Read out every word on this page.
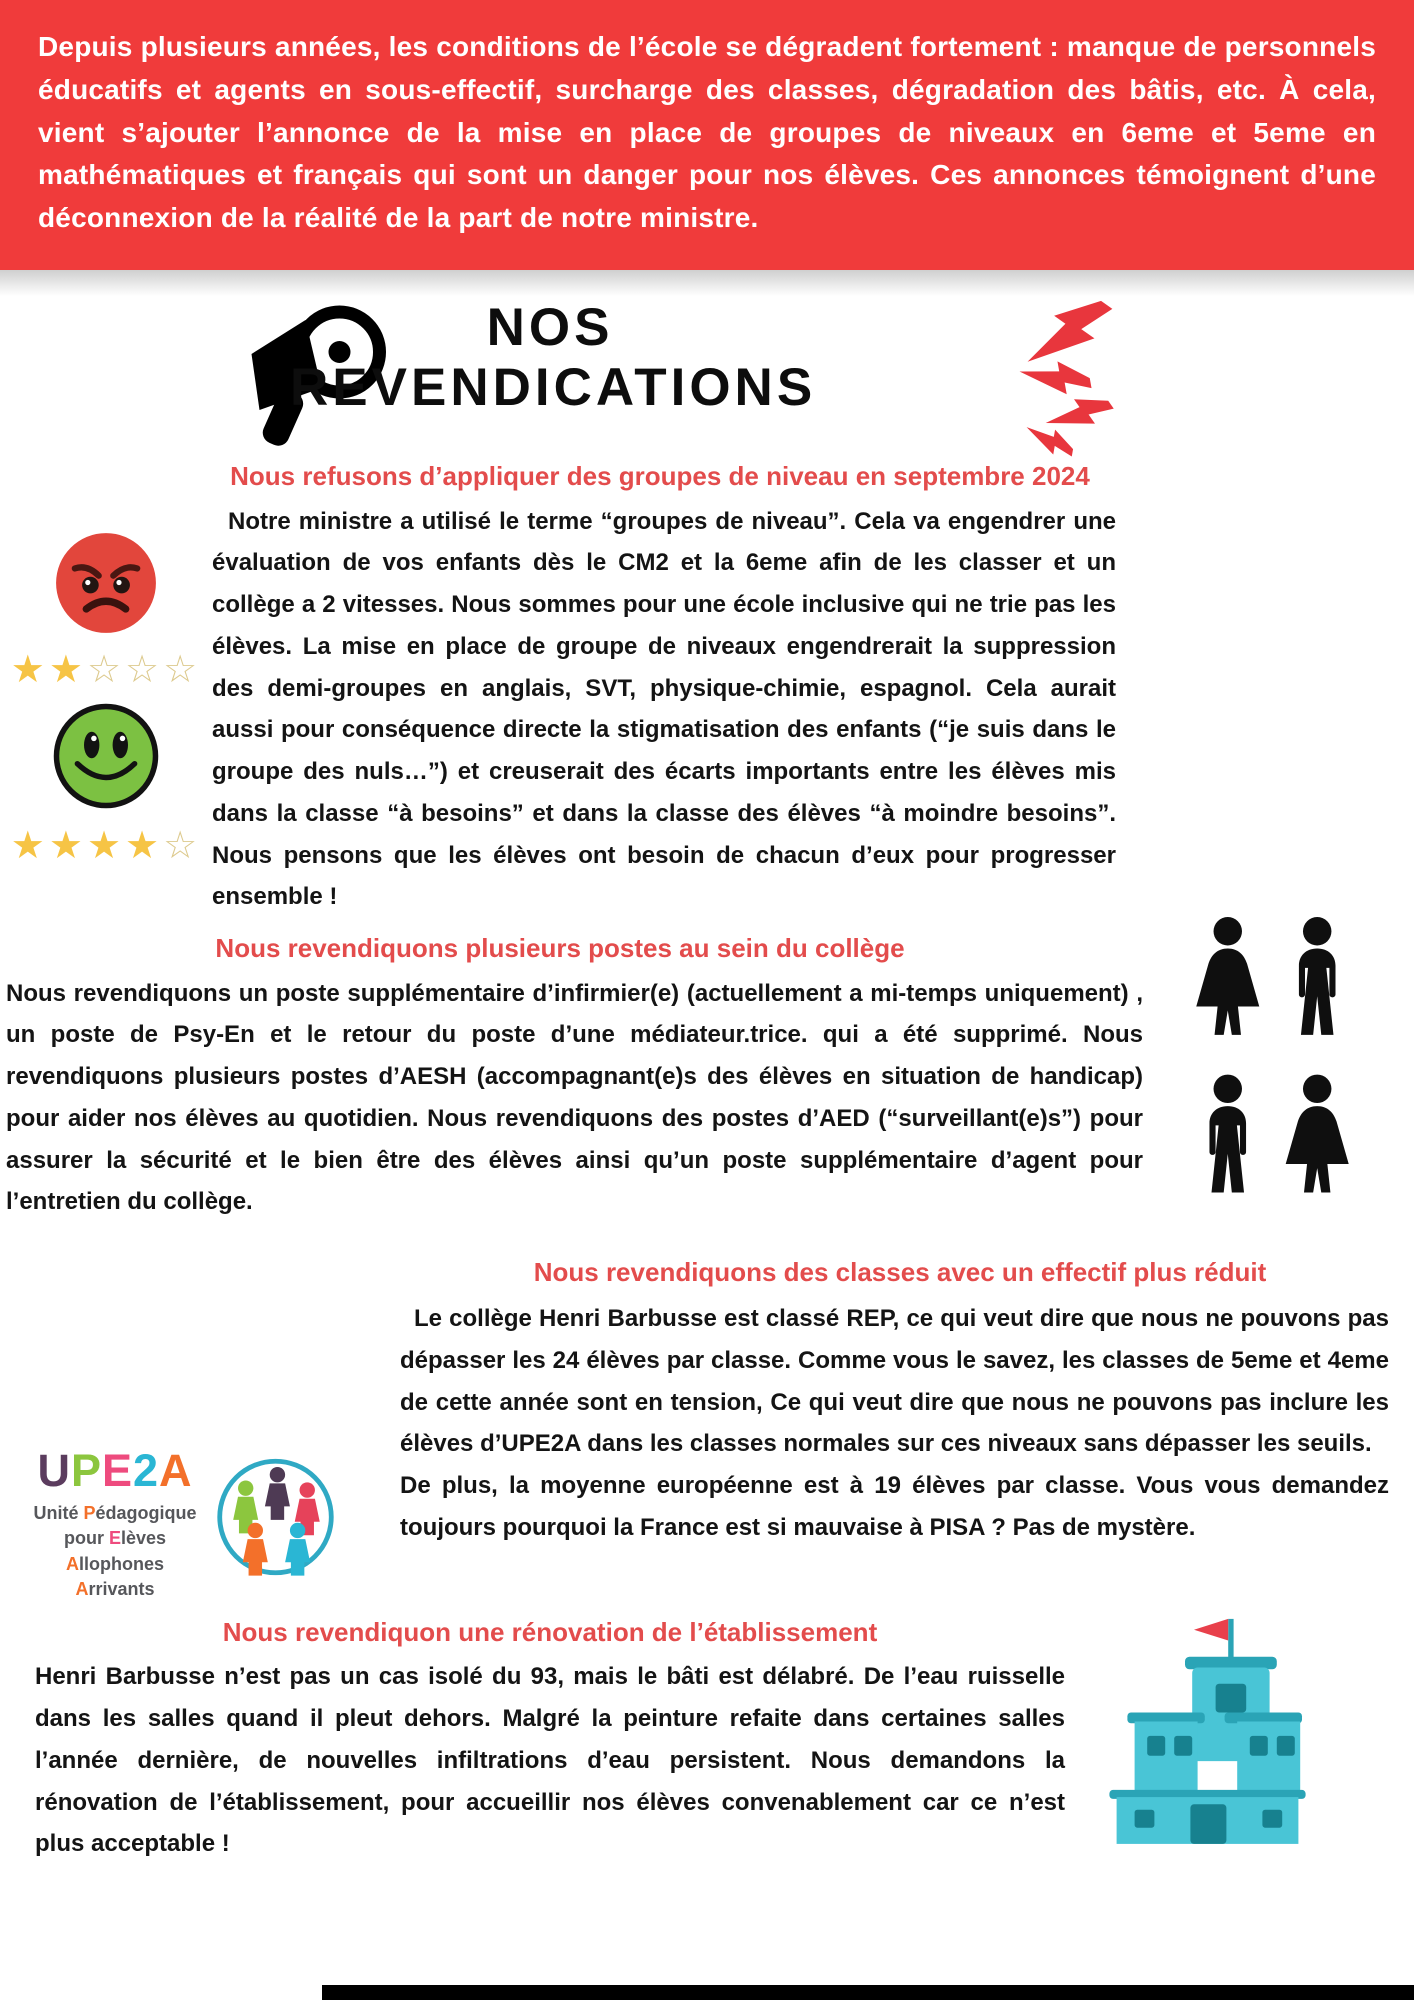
Depuis plusieurs années, les conditions de l’école se dégradent fortement : manque de personnels éducatifs et agents en sous-effectif, surcharge des classes, dégradation des bâtis, etc. À cela, vient s’ajouter l’annonce de la mise en place de groupes de niveaux en 6eme et 5eme en mathématiques et français qui sont un danger pour nos élèves. Ces annonces témoignent d’une déconnexion de la réalité de la part de notre ministre.
NOS
REVENDICATIONS
Nous refusons d’appliquer des groupes de niveau en septembre 2024
★★☆☆☆
★★★★☆
Notre ministre a utilisé le terme “groupes de niveau”. Cela va engendrer une évaluation de vos enfants dès le CM2 et la 6eme afin de les classer et un collège a 2 vitesses. Nous sommes pour une école inclusive qui ne trie pas les élèves. La mise en place de groupe de niveaux engendrerait la suppression des demi-groupes en anglais, SVT, physique-chimie, espagnol. Cela aurait aussi pour conséquence directe la stigmatisation des enfants (“je suis dans le groupe des nuls…”) et creuserait des écarts importants entre les élèves mis dans la classe “à besoins” et dans la classe des élèves “à moindre besoins”. Nous pensons que les élèves ont besoin de chacun d’eux pour progresser ensemble !
Nous revendiquons plusieurs postes au sein du collège
Nous revendiquons un poste supplémentaire d’infirmier(e) (actuellement a mi-temps uniquement) , un poste de Psy-En et le retour du poste d’une médiateur.trice. qui a été supprimé. Nous revendiquons plusieurs postes d’AESH (accompagnant(e)s des élèves en situation de handicap) pour aider nos élèves au quotidien. Nous revendiquons des postes d’AED (“surveillant(e)s”) pour assurer la sécurité et le bien être des élèves ainsi qu’un poste supplémentaire d’agent pour l’entretien du collège.
Nous revendiquons des classes avec un effectif plus réduit
UPE2A
Unité Pédagogique
pour Elèves
Allophones Arrivants
Le collège Henri Barbusse est classé REP, ce qui veut dire que nous ne pouvons pas dépasser les 24 élèves par classe. Comme vous le savez, les classes de 5eme et 4eme de cette année sont en tension, Ce qui veut dire que nous ne pouvons pas inclure les élèves d’UPE2A dans les classes normales sur ces niveaux sans dépasser les seuils.
De plus, la moyenne européenne est à 19 élèves par classe. Vous vous demandez toujours pourquoi la France est si mauvaise à PISA ? Pas de mystère.
Nous revendiquon une rénovation de l’établissement
Henri Barbusse n’est pas un cas isolé du 93, mais le bâti est délabré. De l’eau ruisselle dans les salles quand il pleut dehors. Malgré la peinture refaite dans certaines salles l’année dernière, de nouvelles infiltrations d’eau persistent. Nous demandons la rénovation de l’établissement, pour accueillir nos élèves convenablement car ce n’est plus acceptable !
